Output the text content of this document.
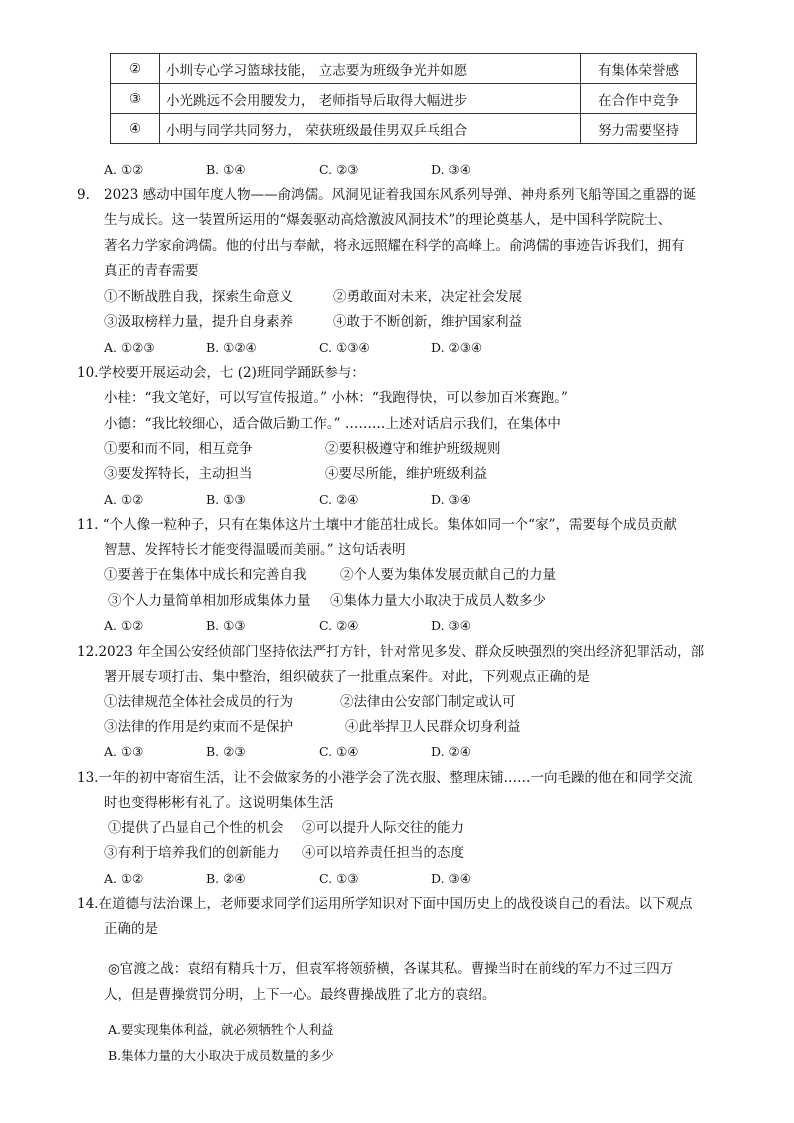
②	小圳专心学习篮球技能， 立志要为班级争光并如愿	有集体荣誉感
③	小光跳远不会用腰发力， 老师指导后取得大幅进步	在合作中竞争
④	小明与同学共同努力， 荣获班级最佳男双乒乓组合	努力需要坚持
A. ①②	B. ①④	C. ②③	D. ③④
9. 2023 感动中国年度人物——俞鸿儒。风洞见证着我国东风系列导弹、神舟系列飞船等国之重器的诞
生与成长。这一装置所运用的“爆轰驱动高焓激波风洞技术”的理论奠基人，是中国科学院院士、
著名力学家俞鸿儒。他的付出与奉献，将永远照耀在科学的高峰上。俞鸿儒的事迹告诉我们，拥有
真正的青春需要
①不断战胜自我，探索生命意义	②勇敢面对未来，决定社会发展
③汲取榜样力量，提升自身素养	④敢于不断创新，维护国家利益
A. ①②③	B. ①②④	C. ①③④	D. ②③④
10.学校要开展运动会，七 (2)班同学踊跃参与：
小桂：“我文笔好，可以写宣传报道。” 小林：“我跑得快，可以参加百米赛跑。”
小德：“我比较细心，适合做后勤工作。” ………上述对话启示我们，在集体中
①要和而不同，相互竞争	②要积极遵守和维护班级规则
③要发挥特长，主动担当	④要尽所能，维护班级利益
A. ①②	B. ①③	C. ②④	D. ③④
11. “个人像一粒种子，只有在集体这片土壤中才能茁壮成长。集体如同一个“家”，需要每个成员贡献
智慧、发挥特长才能变得温暖而美丽。” 这句话表明
①要善于在集体中成长和完善自我 ②个人要为集体发展贡献自己的力量
③个人力量简单相加形成集体力量 ④集体力量大小取决于成员人数多少
A. ①②	B. ①③	C. ②④	D. ③④
12.2023 年全国公安经侦部门坚持依法严打方针，针对常见多发、群众反映强烈的突出经济犯罪活动，部
署开展专项打击、集中整治，组织破获了一批重点案件。对此，下列观点正确的是
①法律规范全体社会成员的行为	②法律由公安部门制定或认可
③法律的作用是约束而不是保护	④此举捍卫人民群众切身利益
A. ①③	B. ②③	C. ①④	D. ②④
13.一年的初中寄宿生活，让不会做家务的小港学会了洗衣服、整理床铺……一向毛躁的他在和同学交流
时也变得彬彬有礼了。这说明集体生活
①提供了凸显自己个性的机会 ②可以提升人际交往的能力
③有利于培养我们的创新能力 ④可以培养责任担当的态度
A. ①②	B. ②④	C. ①③	D. ③④
14.在道德与法治课上，老师要求同学们运用所学知识对下面中国历史上的战役谈自己的看法。以下观点
正确的是
◎官渡之战：袁绍有精兵十万，但袁军将领骄横，各谋其私。曹操当时在前线的军力不过三四万
人，但是曹操赏罚分明，上下一心。最终曹操战胜了北方的袁绍。
A.要实现集体利益，就必须牺牲个人利益
B.集体力量的大小取决于成员数量的多少
